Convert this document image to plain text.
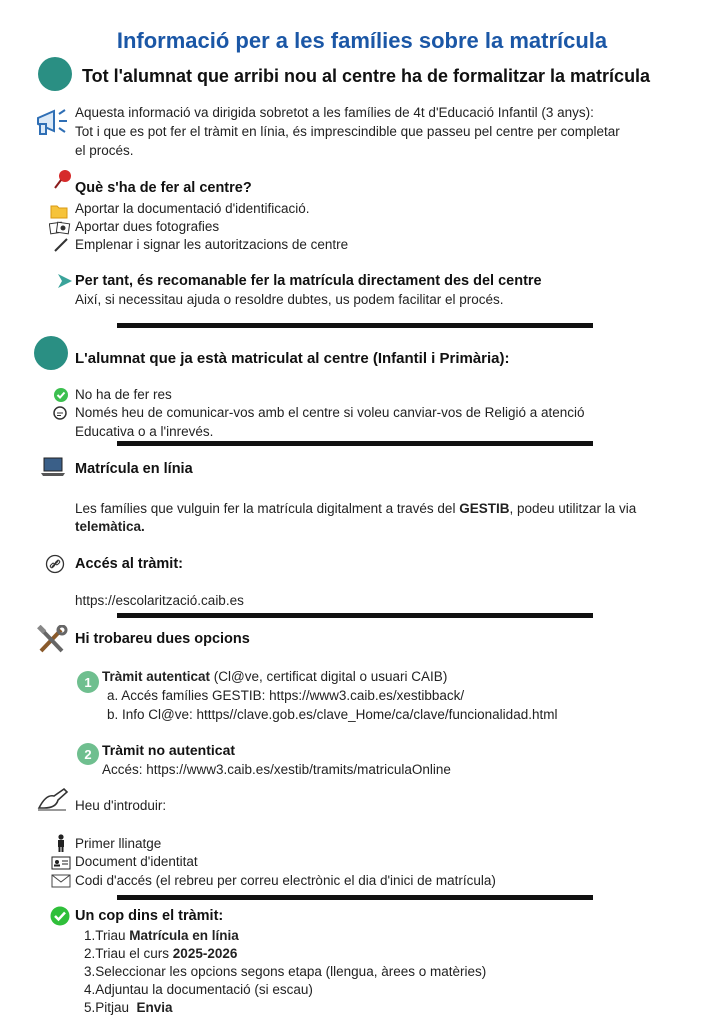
Informació per a les famílies sobre la matrícula
Tot l'alumnat que arribi nou al centre ha de formalitzar la matrícula
Aquesta informació va dirigida sobretot a les famílies de 4t d'Educació Infantil (3 anys):
Tot i que es pot fer el tràmit en línia, és imprescindible que passeu pel centre per completar
el procés.
Què s'ha de fer al centre?
Aportar la documentació d'identificació.
Aportar dues fotografies
Emplenar i signar les autoritzacions de centre
Per tant, és recomanable fer la matrícula directament des del centre
Així, si necessitau ajuda o resoldre dubtes, us podem facilitar el procés.
L'alumnat que ja està matriculat al centre (Infantil i Primària):
No ha de fer res
Només heu de comunicar-vos amb el centre si voleu canviar-vos de Religió a atenció
Educativa o a l'inrevés.
Matrícula en línia
Les famílies que vulguin fer la matrícula digitalment a través del GESTIB, podeu utilitzar la via
telemàtica.
Accés al tràmit:
https://escolarització.caib.es
Hi trobareu dues opcions
1 Tràmit autenticat (Cl@ve, certificat digital o usuari CAIB)
a. Accés famílies GESTIB: https://www3.caib.es/xestibback/
b. Info Cl@ve: htttps//clave.gob.es/clave_Home/ca/clave/funcionalidad.html
2 Tràmit no autenticat
Accés: https://www3.caib.es/xestib/tramits/matriculaOnline
Heu d'introduir:
Primer llinatge
Document d'identitat
Codi d'accés (el rebreu per correu electrònic el dia d'inici de matrícula)
Un cop dins el tràmit:
1.Triau Matrícula en línia
2.Triau el curs 2025-2026
3.Seleccionar les opcions segons etapa (llengua, àrees o matèries)
4.Adjuntau la documentació (si escau)
5.Pitjau  Envia
